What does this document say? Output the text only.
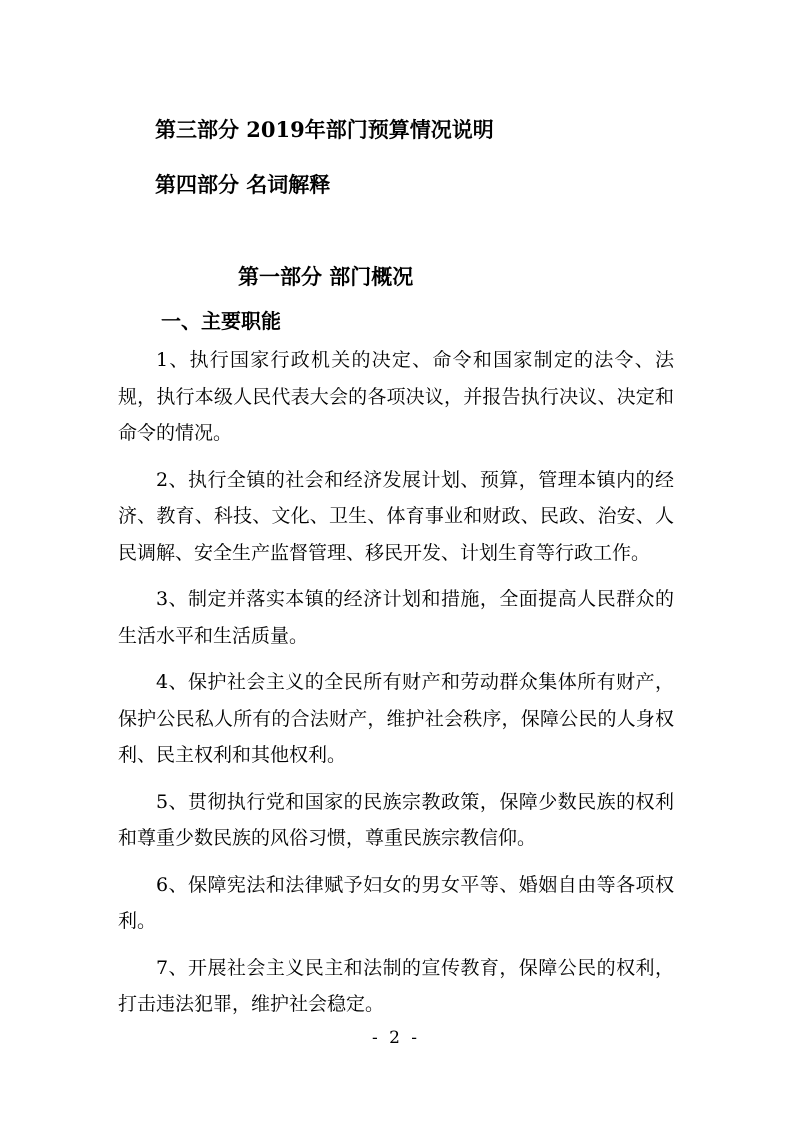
第三部分 2019年部门预算情况说明
第四部分 名词解释
第一部分 部门概况
一、主要职能

1、执行国家行政机关的决定、命令和国家制定的法令、法规，执行本级人民代表大会的各项决议，并报告执行决议、决定和命令的情况。

2、执行全镇的社会和经济发展计划、预算，管理本镇内的经济、教育、科技、文化、卫生、体育事业和财政、民政、治安、人民调解、安全生产监督管理、移民开发、计划生育等行政工作。

3、制定并落实本镇的经济计划和措施，全面提高人民群众的生活水平和生活质量。

4、保护社会主义的全民所有财产和劳动群众集体所有财产，保护公民私人所有的合法财产，维护社会秩序，保障公民的人身权利、民主权利和其他权利。

5、贯彻执行党和国家的民族宗教政策，保障少数民族的权利和尊重少数民族的风俗习惯，尊重民族宗教信仰。

6、保障宪法和法律赋予妇女的男女平等、婚姻自由等各项权利。

7、开展社会主义民主和法制的宣传教育，保障公民的权利，打击违法犯罪，维护社会稳定。

- 2 -
